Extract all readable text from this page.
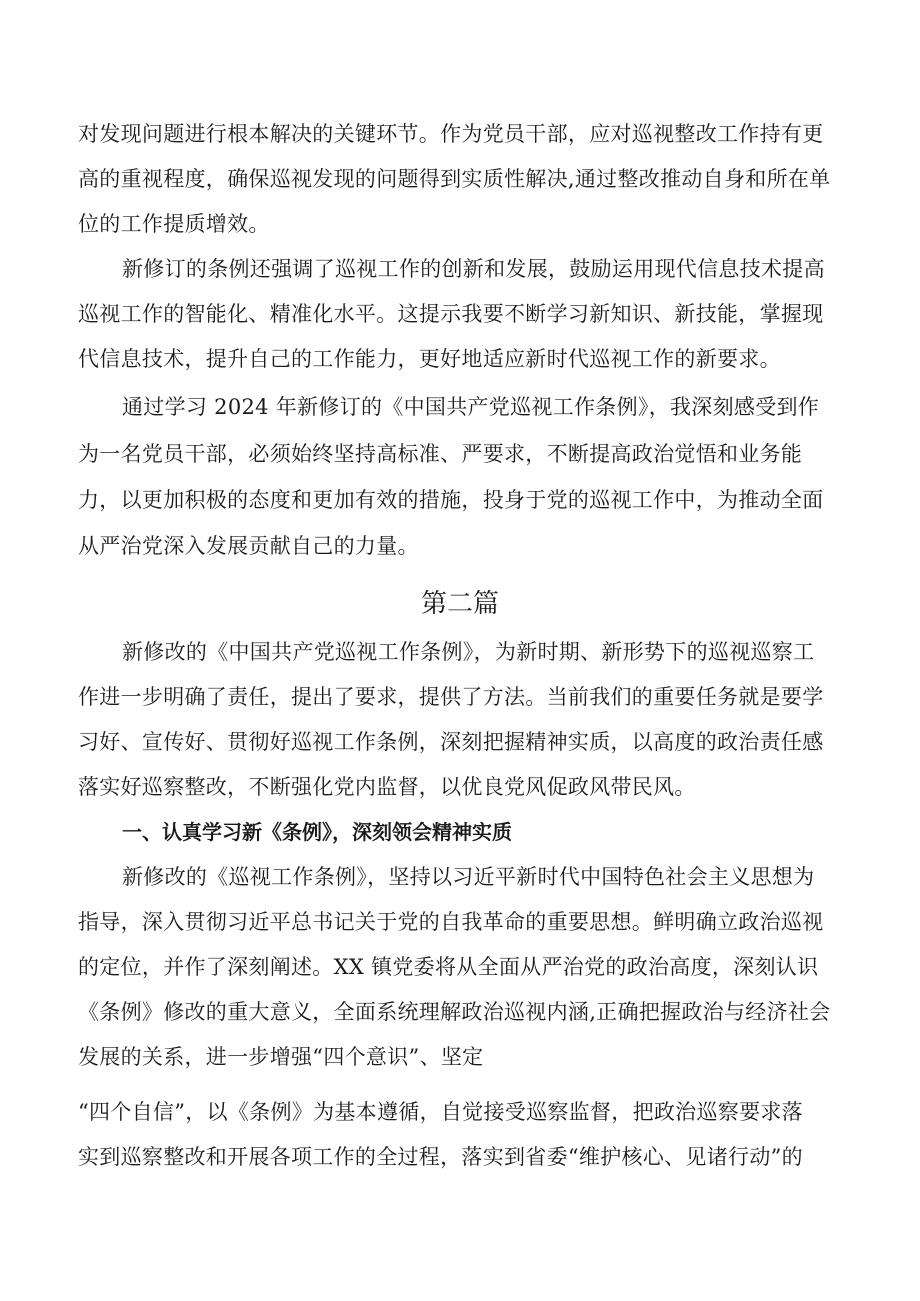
对发现问题进行根本解决的关键环节。作为党员干部，应对巡视整改工作持有更
高的重视程度，确保巡视发现的问题得到实质性解决,通过整改推动自身和所在单
位的工作提质增效。
新修订的条例还强调了巡视工作的创新和发展，鼓励运用现代信息技术提高
巡视工作的智能化、精准化水平。这提示我要不断学习新知识、新技能，掌握现
代信息技术，提升自己的工作能力，更好地适应新时代巡视工作的新要求。
通过学习 2024 年新修订的《中国共产党巡视工作条例》，我深刻感受到作
为一名党员干部，必须始终坚持高标准、严要求，不断提高政治觉悟和业务能
力，以更加积极的态度和更加有效的措施，投身于党的巡视工作中，为推动全面
从严治党深入发展贡献自己的力量。
第二篇
新修改的《中国共产党巡视工作条例》，为新时期、新形势下的巡视巡察工
作进一步明确了责任，提出了要求，提供了方法。当前我们的重要任务就是要学
习好、宣传好、贯彻好巡视工作条例，深刻把握精神实质，以高度的政治责任感
落实好巡察整改，不断强化党内监督，以优良党风促政风带民风。
一、认真学习新《条例》，深刻领会精神实质
新修改的《巡视工作条例》，坚持以习近平新时代中国特色社会主义思想为
指导，深入贯彻习近平总书记关于党的自我革命的重要思想。鲜明确立政治巡视
的定位，并作了深刻阐述。XX 镇党委将从全面从严治党的政治高度，深刻认识
《条例》修改的重大意义，全面系统理解政治巡视内涵,正确把握政治与经济社会
发展的关系，进一步增强“四个意识”、坚定
“四个自信”，以《条例》为基本遵循，自觉接受巡察监督，把政治巡察要求落
实到巡察整改和开展各项工作的全过程，落实到省委“维护核心、见诸行动”的
